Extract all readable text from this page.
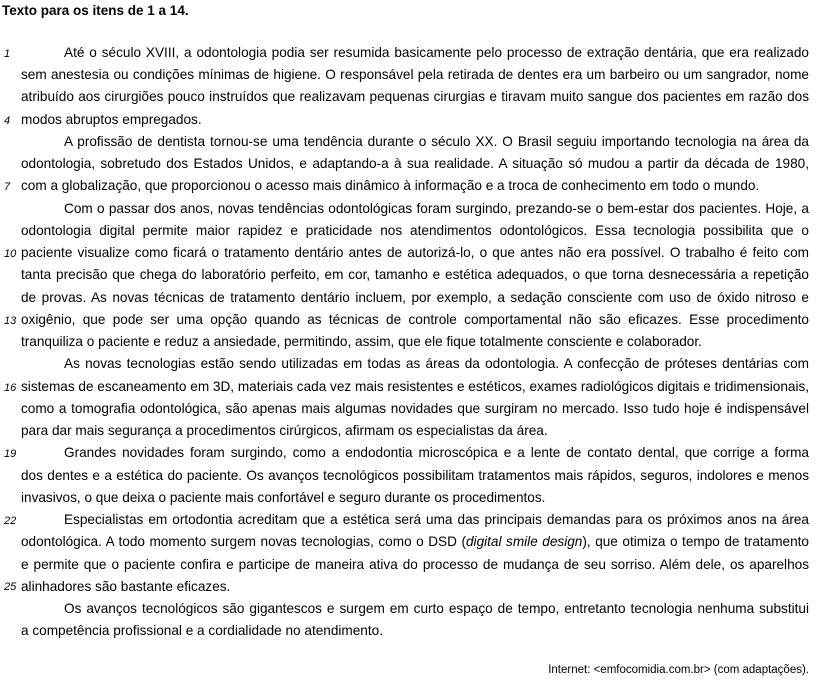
Texto para os itens de 1 a 14.
1
4
7
10
13
16
19
22
25
Até o século XVIII, a odontologia podia ser resumida basicamente pelo processo de extração dentária, que era realizado
sem anestesia ou condições mínimas de higiene. O responsável pela retirada de dentes era um barbeiro ou um sangrador, nome
atribuído aos cirurgiões pouco instruídos que realizavam pequenas cirurgias e tiravam muito sangue dos pacientes em razão dos
modos abruptos empregados.
A profissão de dentista tornou-se uma tendência durante o século XX. O Brasil seguiu importando tecnologia na área da
odontologia, sobretudo dos Estados Unidos, e adaptando-a à sua realidade. A situação só mudou a partir da década de 1980,
com a globalização, que proporcionou o acesso mais dinâmico à informação e a troca de conhecimento em todo o mundo.
Com o passar dos anos, novas tendências odontológicas foram surgindo, prezando-se o bem-estar dos pacientes. Hoje, a
odontologia digital permite maior rapidez e praticidade nos atendimentos odontológicos. Essa tecnologia possibilita que o
paciente visualize como ficará o tratamento dentário antes de autorizá-lo, o que antes não era possível. O trabalho é feito com
tanta precisão que chega do laboratório perfeito, em cor, tamanho e estética adequados, o que torna desnecessária a repetição
de provas. As novas técnicas de tratamento dentário incluem, por exemplo, a sedação consciente com uso de óxido nitroso e
oxigênio, que pode ser uma opção quando as técnicas de controle comportamental não são eficazes. Esse procedimento
tranquiliza o paciente e reduz a ansiedade, permitindo, assim, que ele fique totalmente consciente e colaborador.
As novas tecnologias estão sendo utilizadas em todas as áreas da odontologia. A confecção de próteses dentárias com
sistemas de escaneamento em 3D, materiais cada vez mais resistentes e estéticos, exames radiológicos digitais e tridimensionais,
como a tomografia odontológica, são apenas mais algumas novidades que surgiram no mercado. Isso tudo hoje é indispensável
para dar mais segurança a procedimentos cirúrgicos, afirmam os especialistas da área.
Grandes novidades foram surgindo, como a endodontia microscópica e a lente de contato dental, que corrige a forma
dos dentes e a estética do paciente. Os avanços tecnológicos possibilitam tratamentos mais rápidos, seguros, indolores e menos
invasivos, o que deixa o paciente mais confortável e seguro durante os procedimentos.
Especialistas em ortodontia acreditam que a estética será uma das principais demandas para os próximos anos na área
odontológica. A todo momento surgem novas tecnologias, como o DSD (digital smile design), que otimiza o tempo de tratamento
e permite que o paciente confira e participe de maneira ativa do processo de mudança de seu sorriso. Além dele, os aparelhos
alinhadores são bastante eficazes.
Os avanços tecnológicos são gigantescos e surgem em curto espaço de tempo, entretanto tecnologia nenhuma substitui
a competência profissional e a cordialidade no atendimento.
Internet: <emfocomidia.com.br> (com adaptações).
